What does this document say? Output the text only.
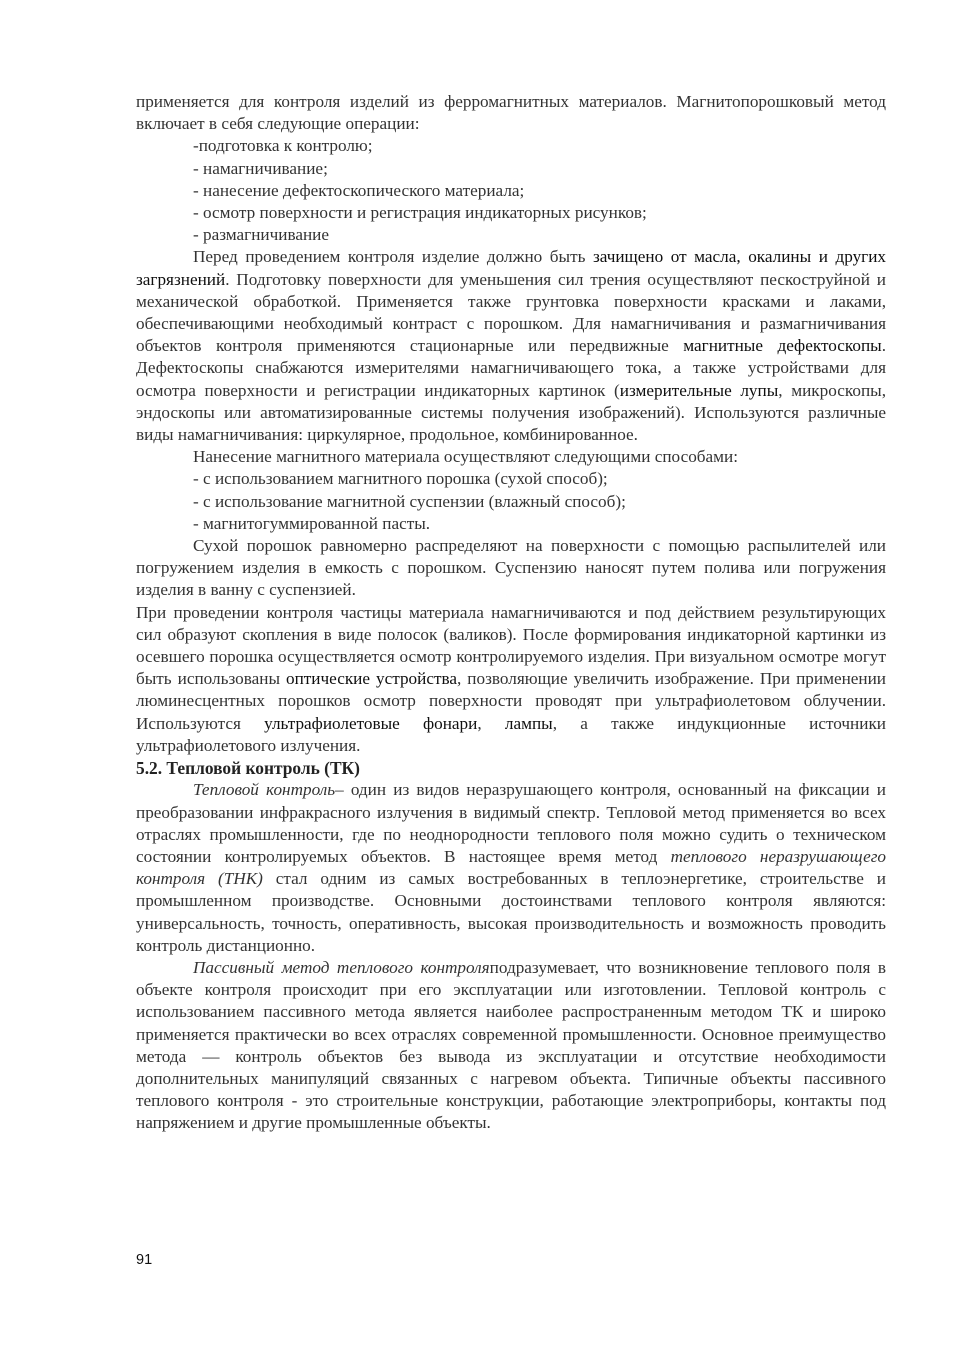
применяется для контроля изделий из ферромагнитных материалов. Магнитопорошковый метод включает в себя следующие операции:

-подготовка к контролю;

- намагничивание;

- нанесение дефектоскопического материала;

- осмотр поверхности и регистрация индикаторных рисунков;

- размагничивание

Перед проведением контроля изделие должно быть зачищено от масла, окалины и других загрязнений. Подготовку поверхности для уменьшения сил трения осуществляют пескоструйной и механической обработкой. Применяется также грунтовка поверхности красками и лаками, обеспечивающими необходимый контраст с порошком. Для намагничивания и размагничивания объектов контроля применяются стационарные или передвижные магнитные дефектоскопы. Дефектоскопы снабжаются измерителями намагничивающего тока, а также устройствами для осмотра поверхности и регистрации индикаторных картинок (измерительные лупы, микроскопы, эндоскопы или автоматизированные системы получения изображений). Используются различные виды намагничивания: циркулярное, продольное, комбинированное.

Нанесение магнитного материала осуществляют следующими способами:

- с использованием магнитного порошка (сухой способ);

- с использование магнитной суспензии (влажный способ);

- магнитогуммированной пасты.

Сухой порошок равномерно распределяют на поверхности с помощью распылителей или погружением изделия в емкость с порошком. Суспензию наносят путем полива или погружения изделия в ванну с суспензией.

При проведении контроля частицы материала намагничиваются и под действием результирующих сил образуют скопления в виде полосок (валиков). После формирования индикаторной картинки из осевшего порошка осуществляется осмотр контролируемого изделия. При визуальном осмотре могут быть использованы оптические устройства, позволяющие увеличить изображение. При применении люминесцентных порошков осмотр поверхности проводят при ультрафиолетовом облучении. Используются ультрафиолетовые фонари, лампы, а также индукционные источники ультрафиолетового излучения.

5.2. Тепловой контроль (ТК)

Тепловой контроль– один из видов неразрушающего контроля, основанный на фиксации и преобразовании инфракрасного излучения в видимый спектр. Тепловой метод применяется во всех отраслях промышленности, где по неоднородности теплового поля можно судить о техническом состоянии контролируемых объектов. В настоящее время метод теплового неразрушающего контроля (ТНК) стал одним из самых востребованных в теплоэнергетике, строительстве и промышленном производстве. Основными достоинствами теплового контроля являются: универсальность, точность, оперативность, высокая производительность и возможность проводить контроль дистанционно.

Пассивный метод теплового контроляподразумевает, что возникновение теплового поля в объекте контроля происходит при его эксплуатации или изготовлении. Тепловой контроль с использованием пассивного метода является наиболее распространенным методом ТК и широко применяется практически во всех отраслях современной промышленности. Основное преимущество метода — контроль объектов без вывода из эксплуатации и отсутствие необходимости дополнительных манипуляций связанных с нагревом объекта. Типичные объекты пассивного теплового контроля - это строительные конструкции, работающие электроприборы, контакты под напряжением и другие промышленные объекты.

91
